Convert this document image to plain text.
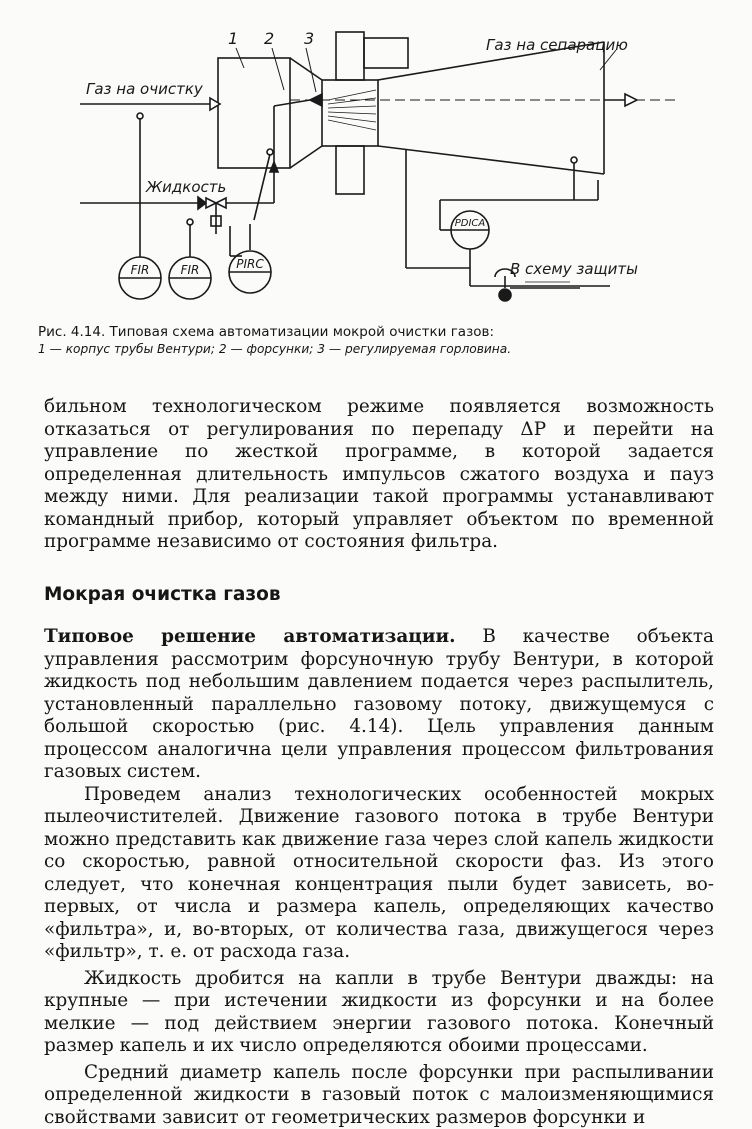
1 2 3
Газ на очистку
Газ на сепарацию
Жидкость
В схему защиты
FIR	FIR	PIRC
PDICA
Рис. 4.14. Типовая схема автоматизации мокрой очистки газов:
1 — корпус трубы Вентури; 2 — форсунки; 3 — регулируемая горловина.

бильном технологическом режиме появляется возможность отказаться от регулирования по перепаду ΔP и перейти на управление по жесткой программе, в которой задается определенная длительность импульсов сжатого воздуха и пауз между ними. Для реализации такой программы устанавливают командный прибор, который управляет объектом по временной программе независимо от состояния фильтра.

Мокрая очистка газов

Типовое решение автоматизации. В качестве объекта управления рассмотрим форсуночную трубу Вентури, в которой жидкость под небольшим давлением подается через распылитель, установленный параллельно газовому потоку, движущемуся с большой скоростью (рис. 4.14). Цель управления данным процессом аналогична цели управления процессом фильтрования газовых систем.

Проведем анализ технологических особенностей мокрых пылеочистителей. Движение газового потока в трубе Вентури можно представить как движение газа через слой капель жидкости со скоростью, равной относительной скорости фаз. Из этого следует, что конечная концентрация пыли будет зависеть, во-первых, от числа и размера капель, определяющих качество «фильтра», и, во-вторых, от количества газа, движущегося через «фильтр», т. е. от расхода газа.

Жидкость дробится на капли в трубе Вентури дважды: на крупные — при истечении жидкости из форсунки и на более мелкие — под действием энергии газового потока. Конечный размер капель и их число определяются обоими процессами.

Средний диаметр капель после форсунки при распыливании определенной жидкости в газовый поток с малоизменяющимися свойствами зависит от геометрических размеров форсунки и
